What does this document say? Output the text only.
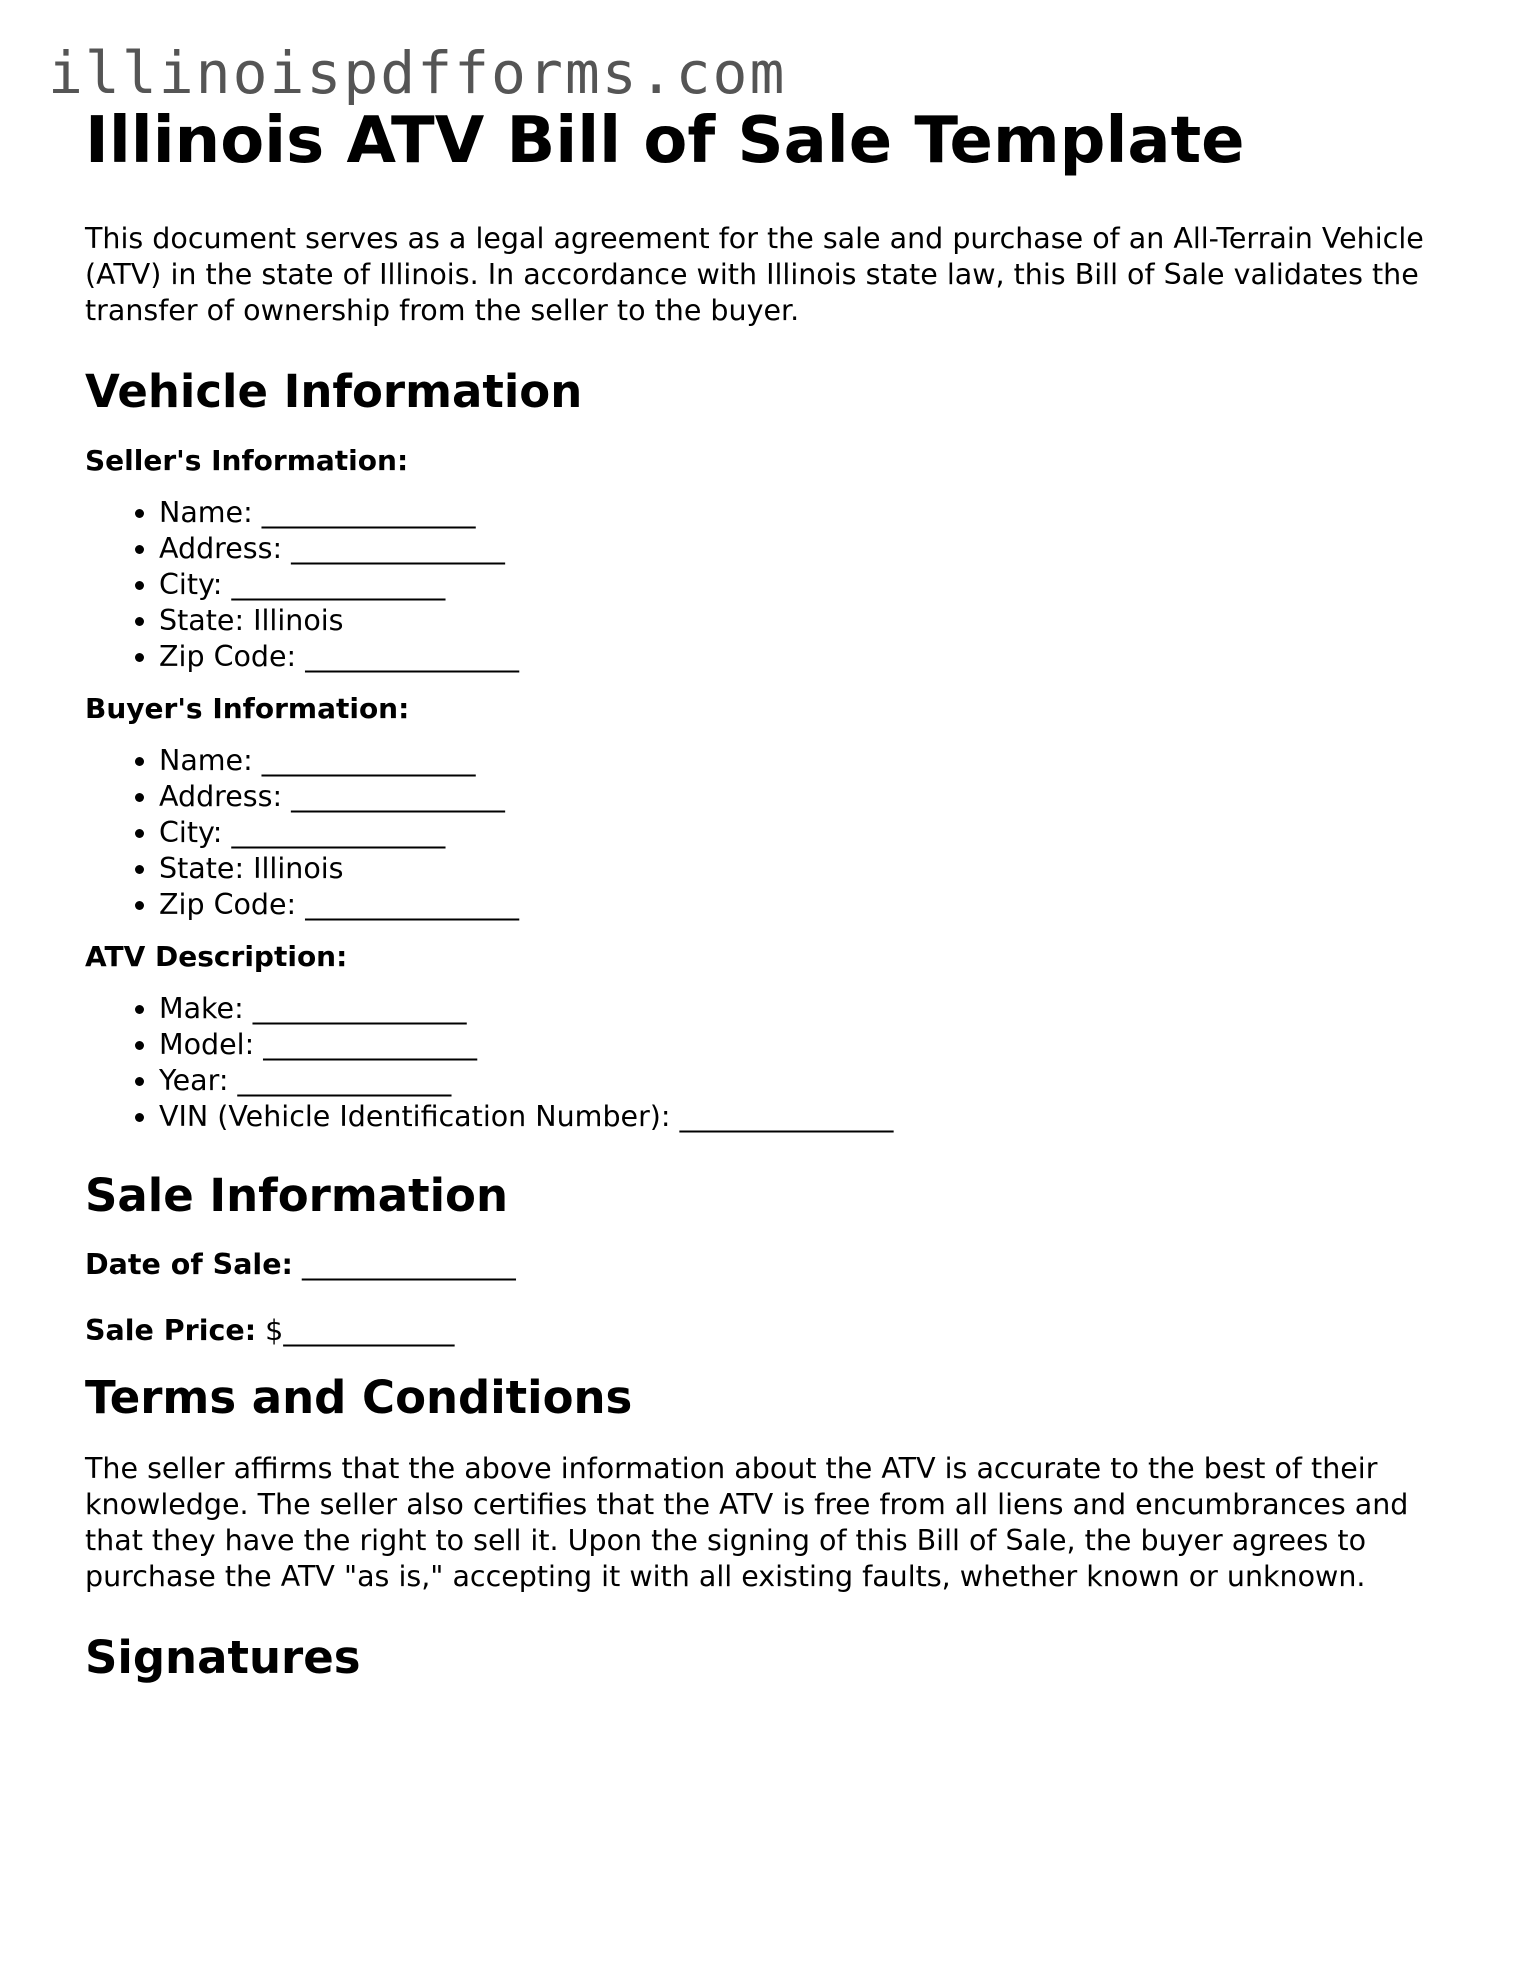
illinoispdfforms.com
Illinois ATV Bill of Sale Template

This document serves as a legal agreement for the sale and purchase of an All-Terrain Vehicle (ATV) in the state of Illinois. In accordance with Illinois state law, this Bill of Sale validates the transfer of ownership from the seller to the buyer.

Vehicle Information
Seller's Information:
• Name: _______________
• Address: _______________
• City: _______________
• State: Illinois
• Zip Code: _______________
Buyer's Information:
• Name: _______________
• Address: _______________
• City: _______________
• State: Illinois
• Zip Code: _______________
ATV Description:
• Make: _______________
• Model: _______________
• Year: _______________
• VIN (Vehicle Identification Number): _______________
Sale Information

Date of Sale: _______________

Sale Price: $____________

Terms and Conditions

The seller affirms that the above information about the ATV is accurate to the best of their knowledge. The seller also certifies that the ATV is free from all liens and encumbrances and that they have the right to sell it. Upon the signing of this Bill of Sale, the buyer agrees to purchase the ATV "as is," accepting it with all existing faults, whether known or unknown.

Signatures
